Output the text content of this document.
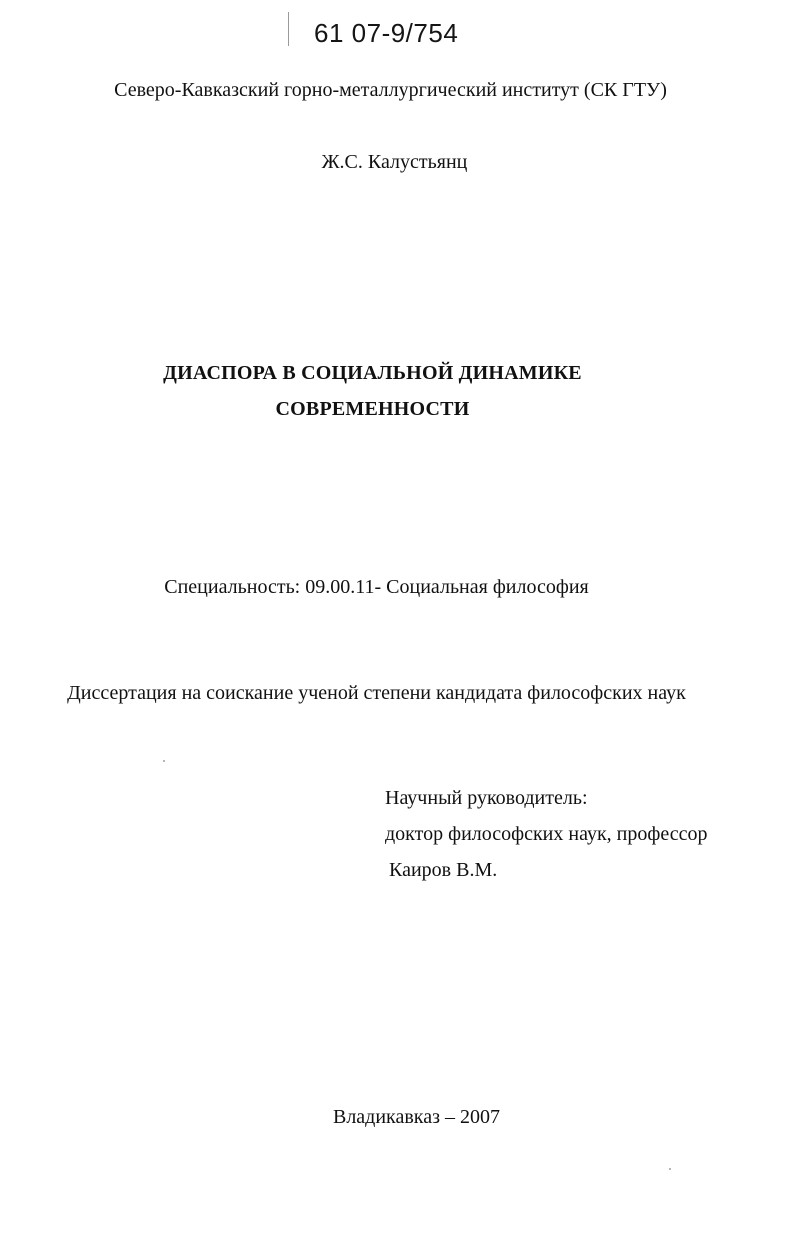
61 07-9/754
Северо-Кавказский горно-металлургический институт (СК ГТУ)
Ж.С. Калустьянц
ДИАСПОРА В СОЦИАЛЬНОЙ ДИНАМИКЕ
СОВРЕМЕННОСТИ
Специальность: 09.00.11- Социальная философия
Диссертация на соискание ученой степени кандидата философских наук
Научный руководитель:
доктор философских наук, профессор
Каиров В.М.
Владикавказ – 2007
